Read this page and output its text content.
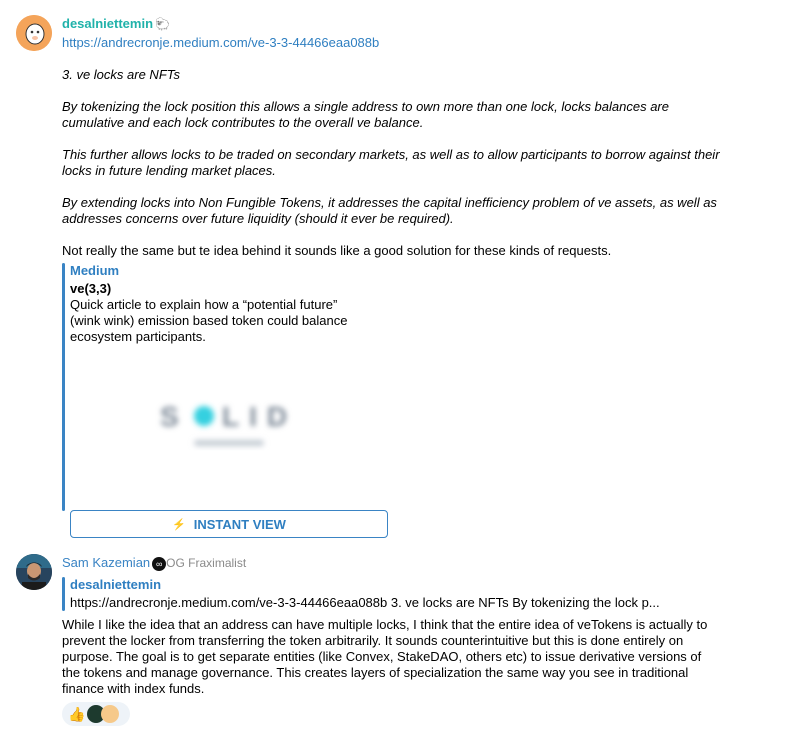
desalniettemin 🐑
https://andrecronje.medium.com/ve-3-3-44466eaa088b
3. ve locks are NFTs
By tokenizing the lock position this allows a single address to own more than one lock, locks balances are cumulative and each lock contributes to the overall ve balance.
This further allows locks to be traded on secondary markets, as well as to allow participants to borrow against their locks in future lending market places.
By extending locks into Non Fungible Tokens, it addresses the capital inefficiency problem of ve assets, as well as addresses concerns over future liquidity (should it ever be required).
Not really the same but te idea behind it sounds like a good solution for these kinds of requests.
Medium
ve(3,3)
Quick article to explain how a “potential future” (wink wink) emission based token could balance ecosystem participants.
S LID
⚡ INSTANT VIEW
Sam Kazemian ∞ OG Fraximalist
desalniettemin
https://andrecronje.medium.com/ve-3-3-44466eaa088b 3. ve locks are NFTs By tokenizing the lock p...
While I like the idea that an address can have multiple locks, I think that the entire idea of veTokens is actually to prevent the locker from transferring the token arbitrarily. It sounds counterintuitive but this is done entirely on purpose. The goal is to get separate entities (like Convex, StakeDAO, others etc) to issue derivative versions of the tokens and manage governance. This creates layers of specialization the same way you see in traditional finance with index funds.
👍
